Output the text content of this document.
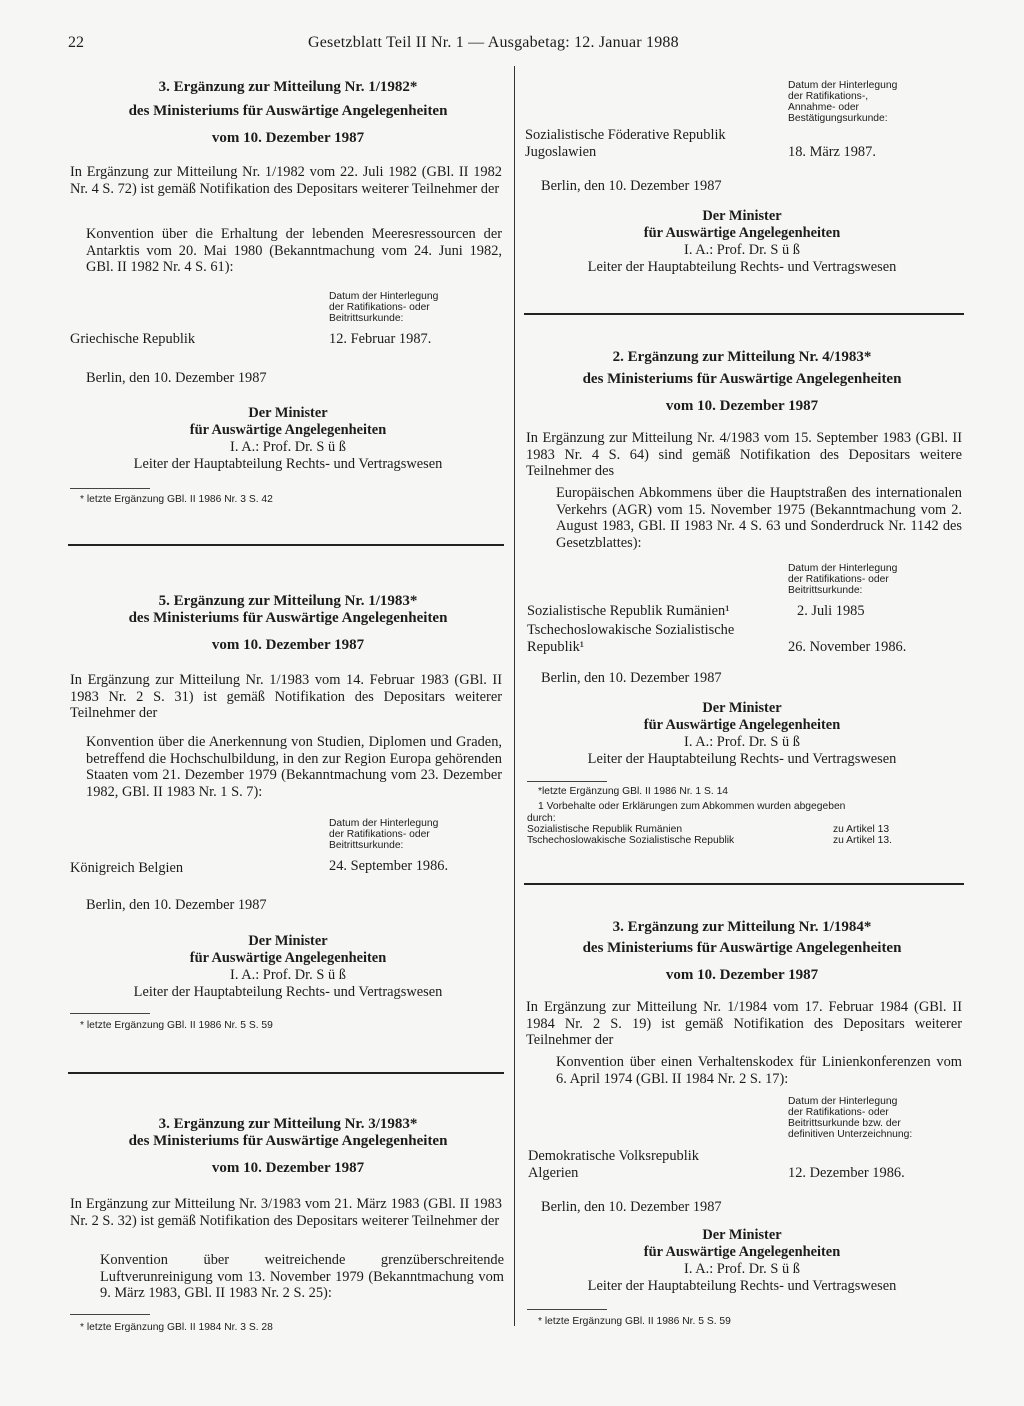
22	Gesetzblatt Teil II Nr. 1 — Ausgabetag: 12. Januar 1988
3. Ergänzung zur Mitteilung Nr. 1/1982*
des Ministeriums für Auswärtige Angelegenheiten
vom 10. Dezember 1987
In Ergänzung zur Mitteilung Nr. 1/1982 vom 22. Juli 1982 (GBl. II 1982 Nr. 4 S. 72) ist gemäß Notifikation des Depositars weiterer Teilnehmer der
Konvention über die Erhaltung der lebenden Meeresressourcen der Antarktis vom 20. Mai 1980 (Bekanntmachung vom 24. Juni 1982, GBl. II 1982 Nr. 4 S. 61):
Datum der Hinterlegung
der Ratifikations- oder
Beitrittsurkunde:
Griechische Republik	12. Februar 1987.
Berlin, den 10. Dezember 1987
Der Minister
für Auswärtige Angelegenheiten
I. A.: Prof. Dr. S ü ß
Leiter der Hauptabteilung Rechts- und Vertragswesen
* letzte Ergänzung GBl. II 1986 Nr. 3 S. 42
5. Ergänzung zur Mitteilung Nr. 1/1983*
des Ministeriums für Auswärtige Angelegenheiten
vom 10. Dezember 1987
In Ergänzung zur Mitteilung Nr. 1/1983 vom 14. Februar 1983 (GBl. II 1983 Nr. 2 S. 31) ist gemäß Notifikation des Depositars weiterer Teilnehmer der
Konvention über die Anerkennung von Studien, Diplomen und Graden, betreffend die Hochschulbildung, in den zur Region Europa gehörenden Staaten vom 21. Dezember 1979 (Bekanntmachung vom 23. Dezember 1982, GBl. II 1983 Nr. 1 S. 7):
Datum der Hinterlegung
der Ratifikations- oder
Beitrittsurkunde:
Königreich Belgien	24. September 1986.
Berlin, den 10. Dezember 1987
Der Minister
für Auswärtige Angelegenheiten
I. A.: Prof. Dr. S ü ß
Leiter der Hauptabteilung Rechts- und Vertragswesen
* letzte Ergänzung GBl. II 1986 Nr. 5 S. 59
3. Ergänzung zur Mitteilung Nr. 3/1983*
des Ministeriums für Auswärtige Angelegenheiten
vom 10. Dezember 1987
In Ergänzung zur Mitteilung Nr. 3/1983 vom 21. März 1983 (GBl. II 1983 Nr. 2 S. 32) ist gemäß Notifikation des Depositars weiterer Teilnehmer der
Konvention über weitreichende grenzüberschreitende Luftverunreinigung vom 13. November 1979 (Bekanntmachung vom 9. März 1983, GBl. II 1983 Nr. 2 S. 25):
* letzte Ergänzung GBl. II 1984 Nr. 3 S. 28
Datum der Hinterlegung
der Ratifikations-,
Annahme- oder
Bestätigungsurkunde:
Sozialistische Föderative Republik
Jugoslawien	18. März 1987.
Berlin, den 10. Dezember 1987
Der Minister
für Auswärtige Angelegenheiten
I. A.: Prof. Dr. S ü ß
Leiter der Hauptabteilung Rechts- und Vertragswesen
2. Ergänzung zur Mitteilung Nr. 4/1983*
des Ministeriums für Auswärtige Angelegenheiten
vom 10. Dezember 1987
In Ergänzung zur Mitteilung Nr. 4/1983 vom 15. September 1983 (GBl. II 1983 Nr. 4 S. 64) sind gemäß Notifikation des Depositars weitere Teilnehmer des
Europäischen Abkommens über die Hauptstraßen des internationalen Verkehrs (AGR) vom 15. November 1975 (Bekanntmachung vom 2. August 1983, GBl. II 1983 Nr. 4 S. 63 und Sonderdruck Nr. 1142 des Gesetzblattes):
Datum der Hinterlegung
der Ratifikations- oder
Beitrittsurkunde:
Sozialistische Republik Rumänien¹	2. Juli 1985
Tschechoslowakische Sozialistische
Republik¹	26. November 1986.
Berlin, den 10. Dezember 1987
Der Minister
für Auswärtige Angelegenheiten
I. A.: Prof. Dr. S ü ß
Leiter der Hauptabteilung Rechts- und Vertragswesen
*letzte Ergänzung GBl. II 1986 Nr. 1 S. 14
1 Vorbehalte oder Erklärungen zum Abkommen wurden abgegeben
durch:
Sozialistische Republik Rumänien	zu Artikel 13
Tschechoslowakische Sozialistische Republik	zu Artikel 13.
3. Ergänzung zur Mitteilung Nr. 1/1984*
des Ministeriums für Auswärtige Angelegenheiten
vom 10. Dezember 1987
In Ergänzung zur Mitteilung Nr. 1/1984 vom 17. Februar 1984 (GBl. II 1984 Nr. 2 S. 19) ist gemäß Notifikation des Depositars weiterer Teilnehmer der
Konvention über einen Verhaltenskodex für Linienkonferenzen vom 6. April 1974 (GBl. II 1984 Nr. 2 S. 17):
Datum der Hinterlegung
der Ratifikations- oder
Beitrittsurkunde bzw. der
definitiven Unterzeichnung:
Demokratische Volksrepublik
Algerien	12. Dezember 1986.
Berlin, den 10. Dezember 1987
Der Minister
für Auswärtige Angelegenheiten
I. A.: Prof. Dr. S ü ß
Leiter der Hauptabteilung Rechts- und Vertragswesen
* letzte Ergänzung GBl. II 1986 Nr. 5 S. 59
